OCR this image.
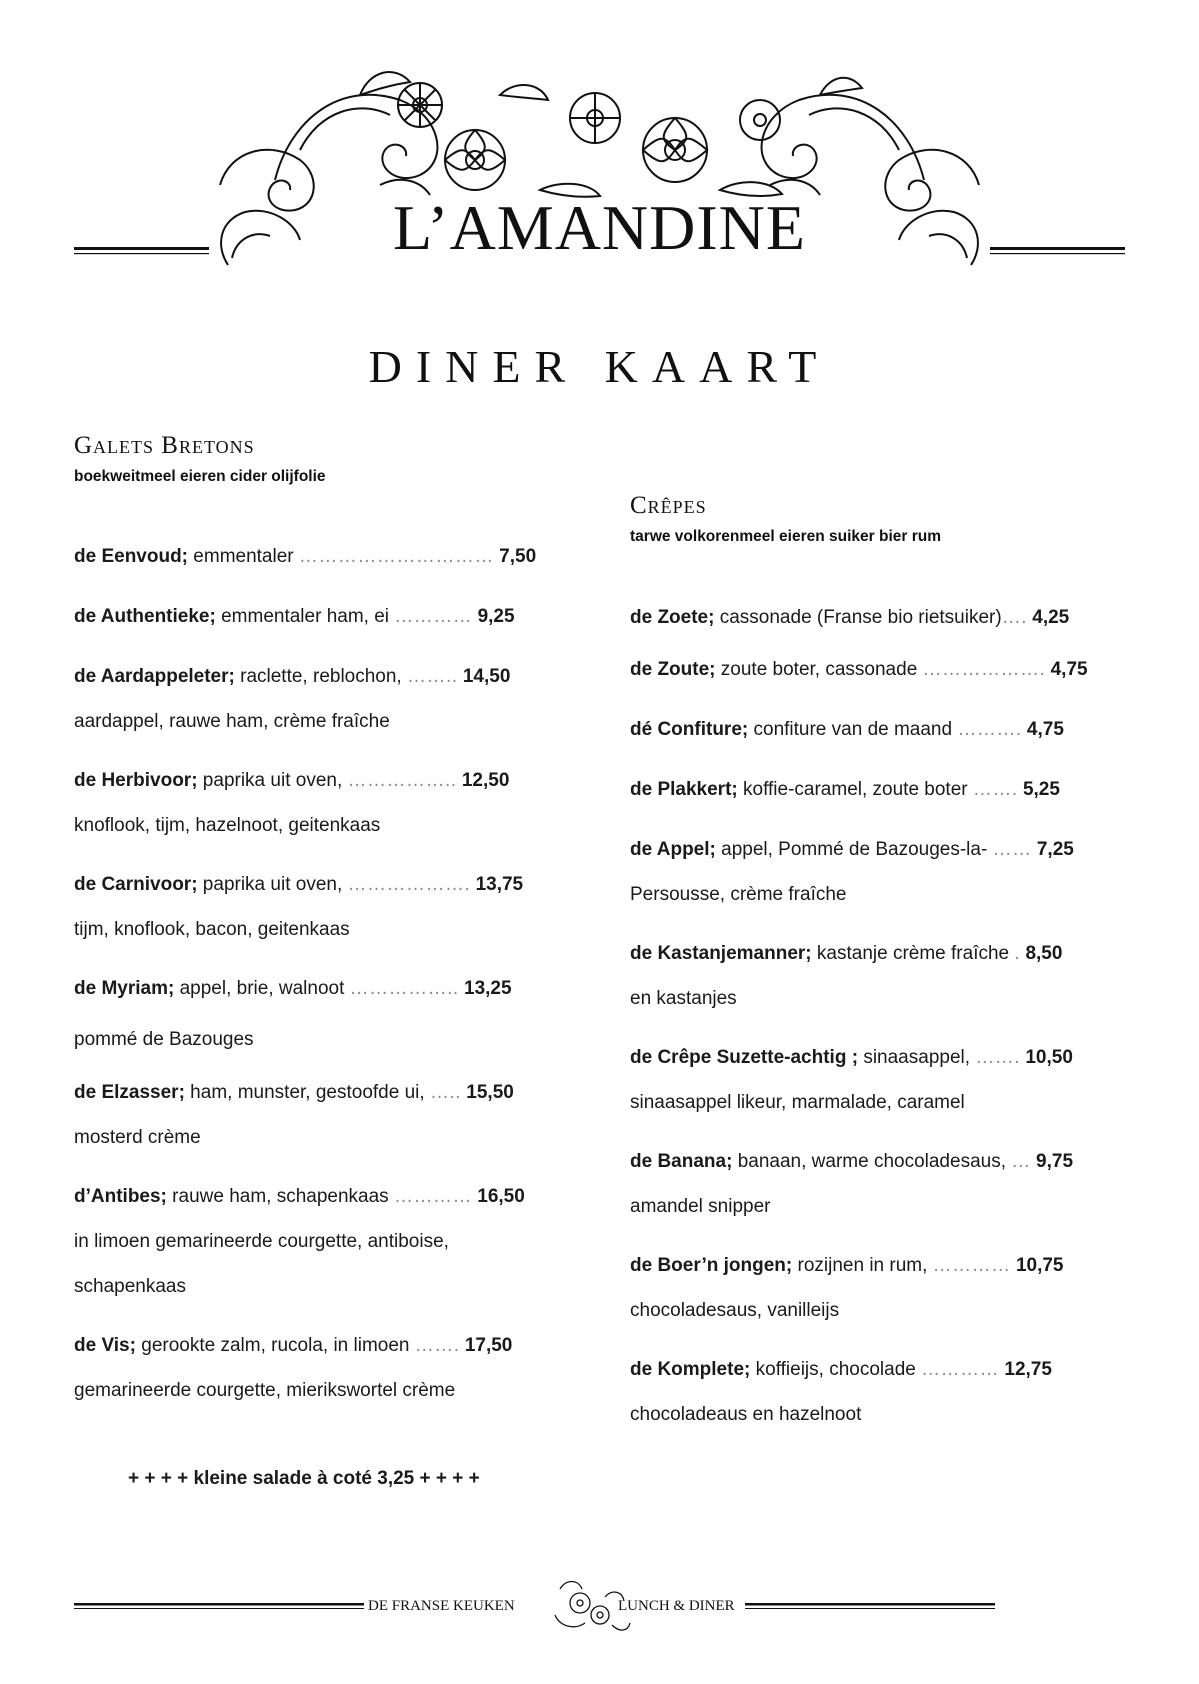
L’AMANDINE
DINER KAART
Galets Bretons
boekweitmeel eieren cider olijfolie
de Eenvoud; emmentaler ………………………… 7,50
de Authentieke; emmentaler ham, ei ………… 9,25
de Aardappeleter; raclette, reblochon, …….. 14,50
aardappel, rauwe ham, crème fraîche
de Herbivoor; paprika uit oven, …………….. 12,50
knoflook, tijm, hazelnoot, geitenkaas
de Carnivoor; paprika uit oven, ………………. 13,75
tijm, knoflook, bacon, geitenkaas
de Myriam; appel, brie, walnoot …………….. 13,25
pommé de Bazouges
de Elzasser; ham, munster, gestoofde ui, ….. 15,50
mosterd crème
d’Antibes; rauwe ham, schapenkaas ………… 16,50
in limoen gemarineerde courgette, antiboise,
schapenkaas
de Vis; gerookte zalm, rucola, in limoen ……. 17,50
gemarineerde courgette, mierikswortel crème
+ + + + kleine salade à coté 3,25 + + + +
Crêpes
tarwe volkorenmeel eieren suiker bier rum
de Zoete; cassonade (Franse bio rietsuiker)…. 4,25
de Zoute; zoute boter, cassonade ………………. 4,75
dé Confiture; confiture van de maand ………. 4,75
de Plakkert; koffie-caramel, zoute boter ……. 5,25
de Appel; appel, Pommé de Bazouges-la- …… 7,25
Persousse, crème fraîche
de Kastanjemanner; kastanje crème fraîche . 8,50
en kastanjes
de Crêpe Suzette-achtig ; sinaasappel, ……. 10,50
sinaasappel likeur, marmalade, caramel
de Banana; banaan, warme chocoladesaus, … 9,75
amandel snipper
de Boer’n jongen; rozijnen in rum, ………… 10,75
chocoladesaus, vanilleijs
de Komplete; koffieijs, chocolade ………… 12,75
chocoladeaus en hazelnoot
DE FRANSE KEUKEN	LUNCH & DINER
